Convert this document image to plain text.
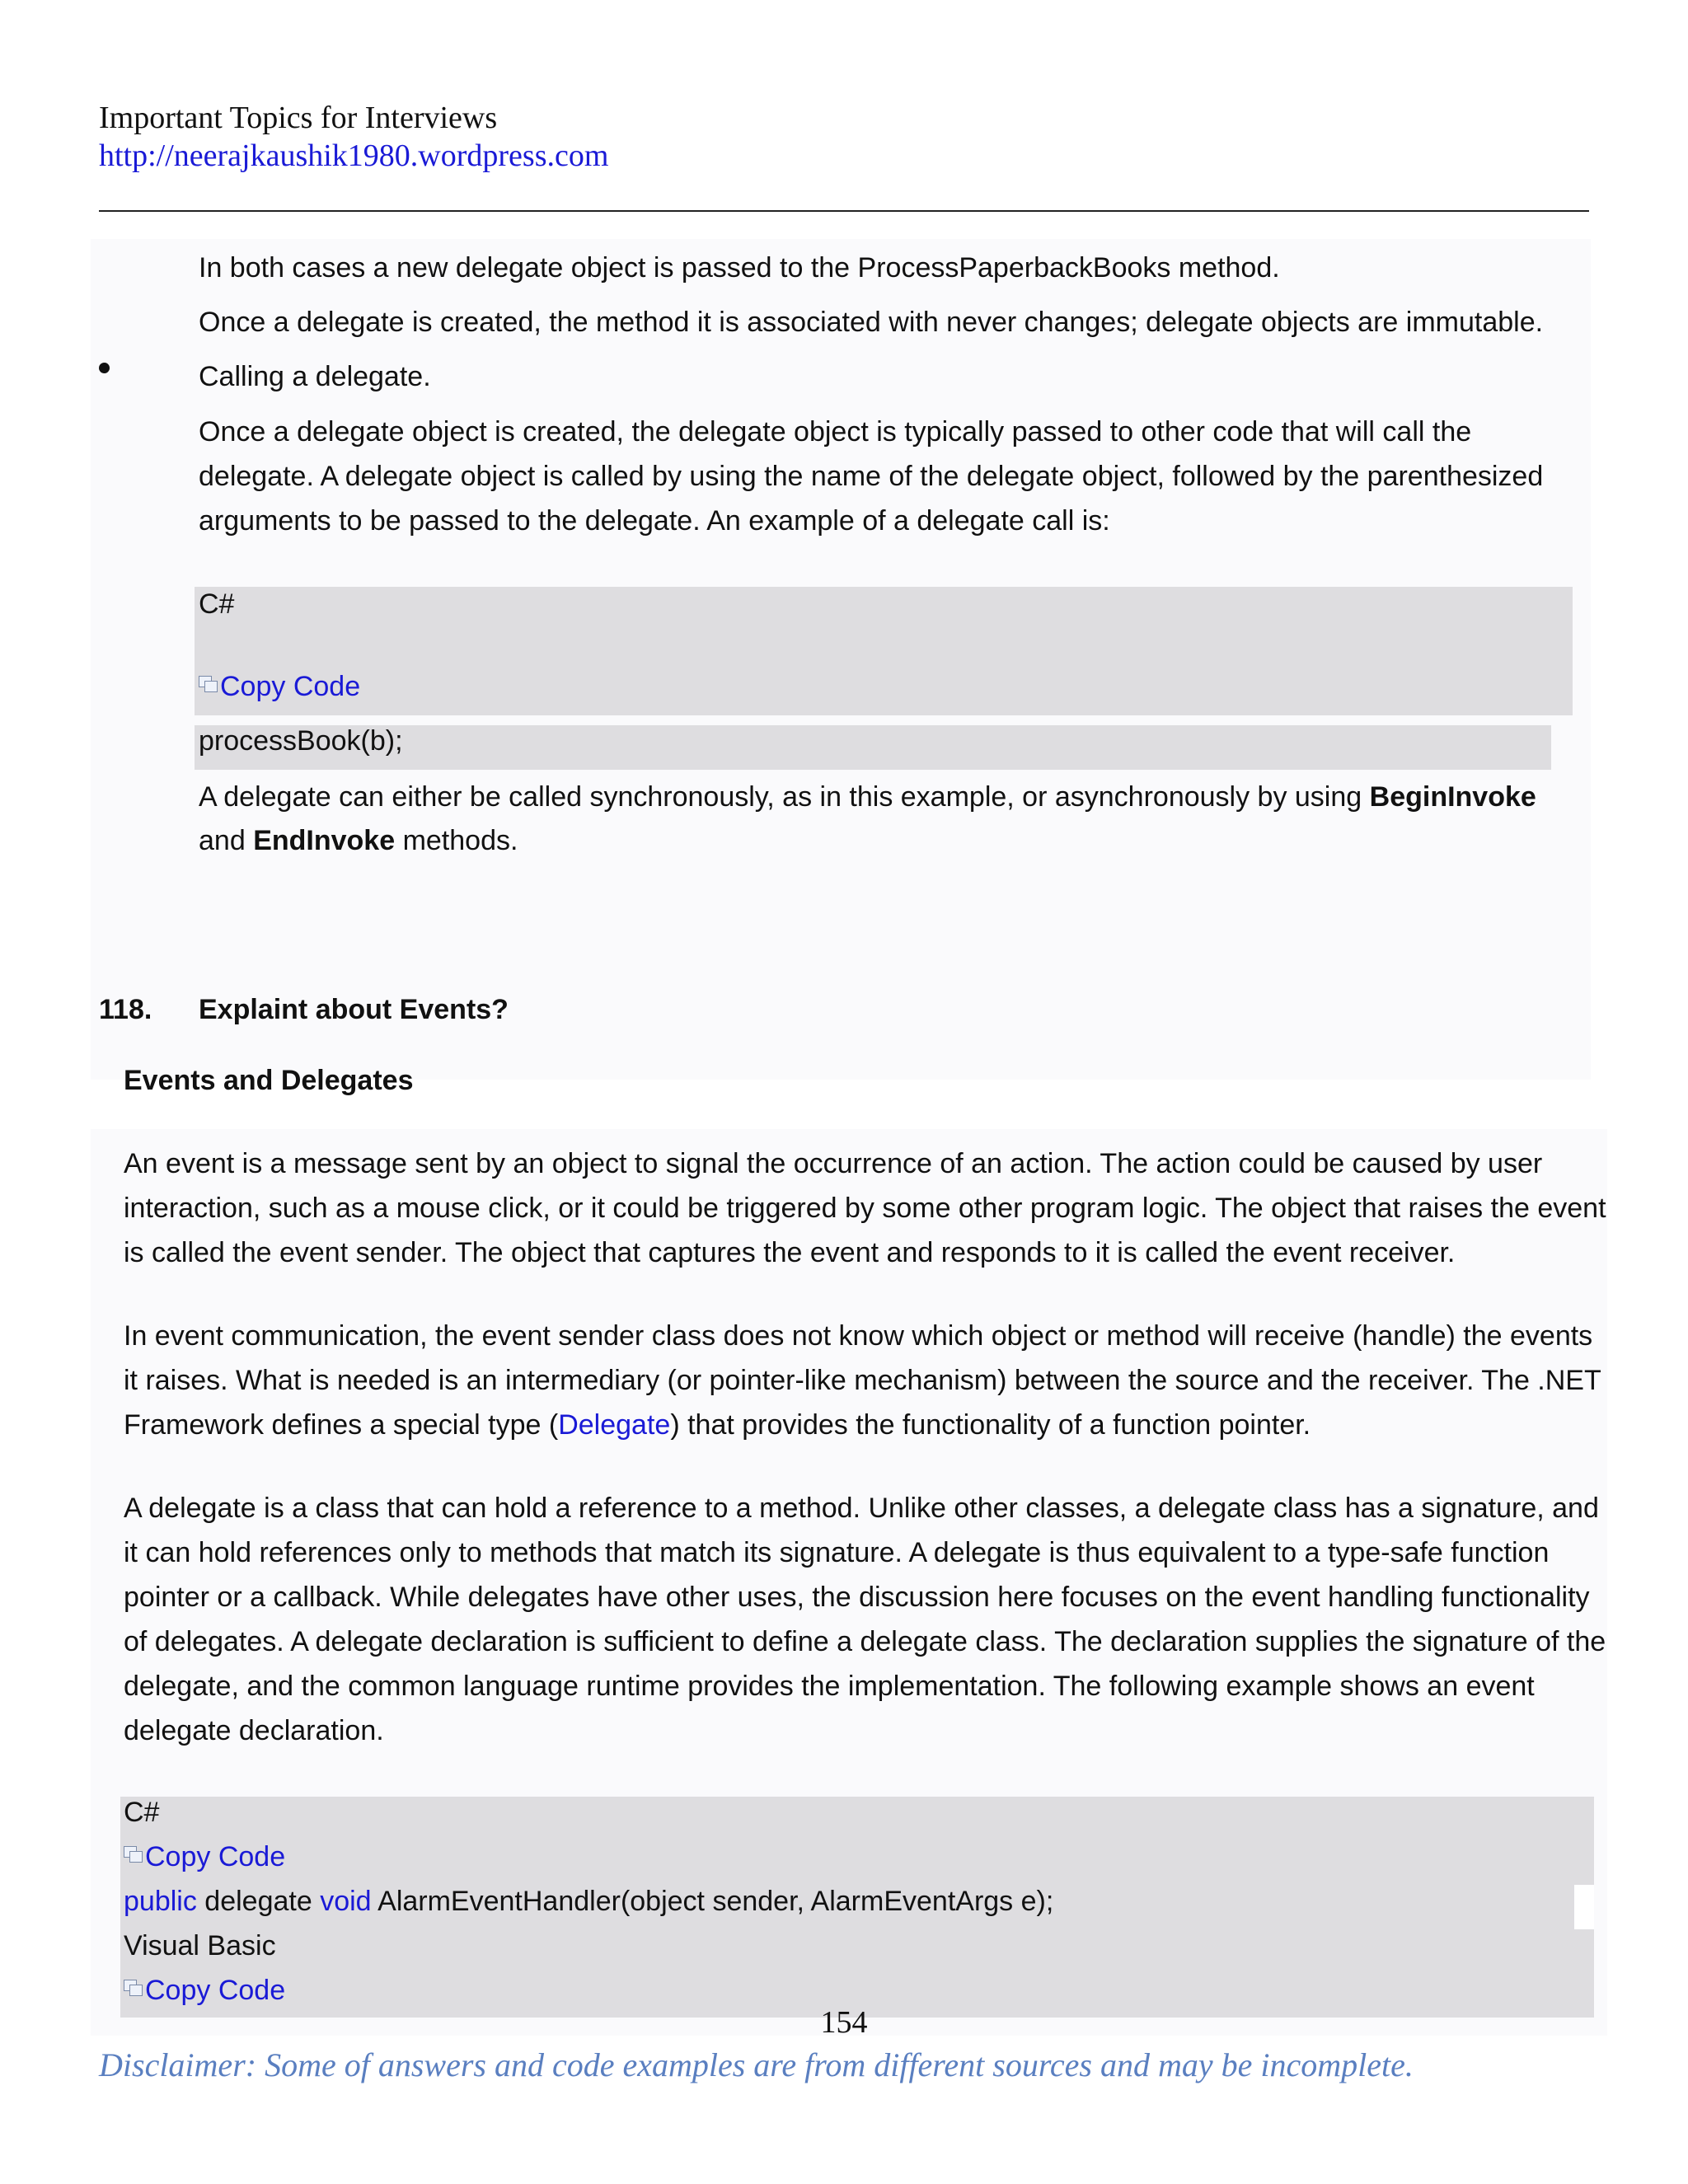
Important Topics for Interviews
http://neerajkaushik1980.wordpress.com
In both cases a new delegate object is passed to the ProcessPaperbackBooks method.
Once a delegate is created, the method it is associated with never changes; delegate objects are immutable.
Calling a delegate.
Once a delegate object is created, the delegate object is typically passed to other code that will call the
delegate. A delegate object is called by using the name of the delegate object, followed by the parenthesized
arguments to be passed to the delegate. An example of a delegate call is:
C#
Copy Code
processBook(b);
A delegate can either be called synchronously, as in this example, or asynchronously by using BeginInvoke
and EndInvoke methods.
118. Explaint about Events?
Events and Delegates
An event is a message sent by an object to signal the occurrence of an action. The action could be caused by user
interaction, such as a mouse click, or it could be triggered by some other program logic. The object that raises the event
is called the event sender. The object that captures the event and responds to it is called the event receiver.
In event communication, the event sender class does not know which object or method will receive (handle) the events
it raises. What is needed is an intermediary (or pointer-like mechanism) between the source and the receiver. The .NET
Framework defines a special type (Delegate) that provides the functionality of a function pointer.
A delegate is a class that can hold a reference to a method. Unlike other classes, a delegate class has a signature, and
it can hold references only to methods that match its signature. A delegate is thus equivalent to a type-safe function
pointer or a callback. While delegates have other uses, the discussion here focuses on the event handling functionality
of delegates. A delegate declaration is sufficient to define a delegate class. The declaration supplies the signature of the
delegate, and the common language runtime provides the implementation. The following example shows an event
delegate declaration.
C#
Copy Code
public delegate void AlarmEventHandler(object sender, AlarmEventArgs e);
Visual Basic
Copy Code
154
Disclaimer: Some of answers and code examples are from different sources and may be incomplete.
